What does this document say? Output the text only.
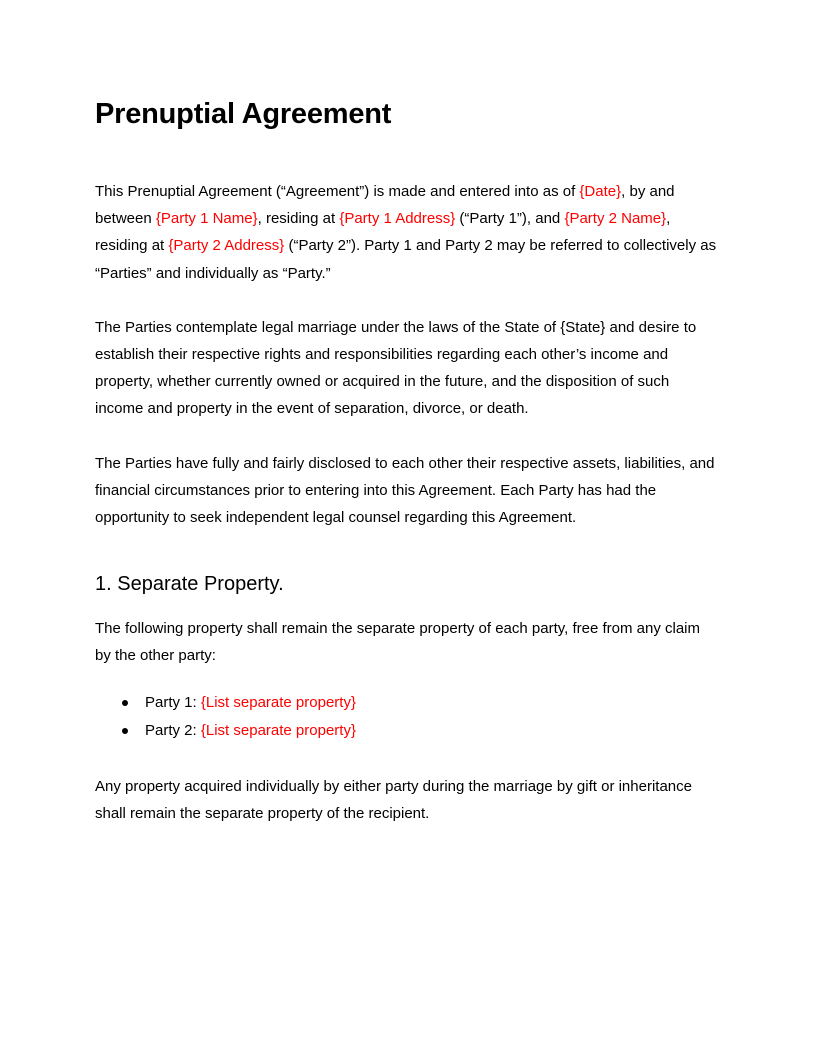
Prenuptial Agreement

This Prenuptial Agreement (“Agreement”) is made and entered into as of {Date}, by and between {Party 1 Name}, residing at {Party 1 Address} (“Party 1”), and {Party 2 Name}, residing at {Party 2 Address} (“Party 2”). Party 1 and Party 2 may be referred to collectively as “Parties” and individually as “Party.”

The Parties contemplate legal marriage under the laws of the State of {State} and desire to establish their respective rights and responsibilities regarding each other’s income and property, whether currently owned or acquired in the future, and the disposition of such income and property in the event of separation, divorce, or death.

The Parties have fully and fairly disclosed to each other their respective assets, liabilities, and financial circumstances prior to entering into this Agreement. Each Party has had the opportunity to seek independent legal counsel regarding this Agreement.

1. Separate Property.

The following property shall remain the separate property of each party, free from any claim by the other party:

Party 1: {List separate property}
Party 2: {List separate property}

Any property acquired individually by either party during the marriage by gift or inheritance shall remain the separate property of the recipient.
